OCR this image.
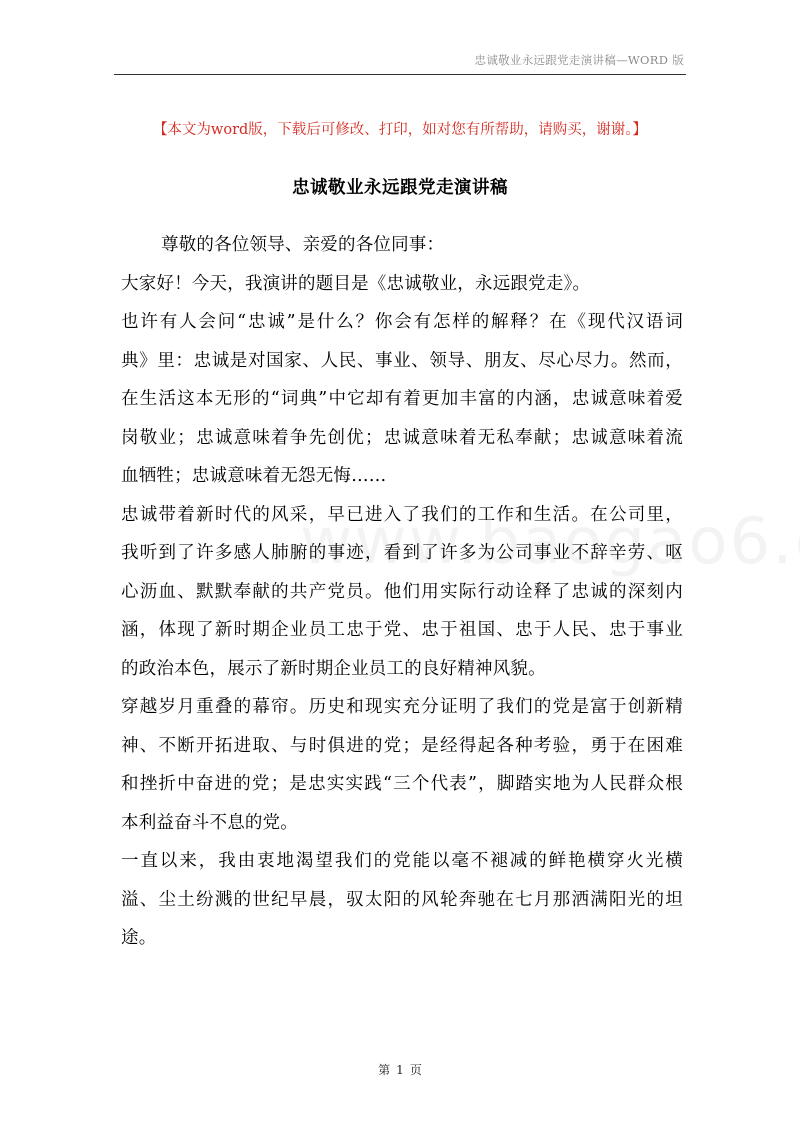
忠诚敬业永远跟党走演讲稿—WORD 版
【本文为word版，下载后可修改、打印，如对您有所帮助，请购买，谢谢。】
忠诚敬业永远跟党走演讲稿
尊敬的各位领导、亲爱的各位同事：
大家好！今天，我演讲的题目是《忠诚敬业，永远跟党走》。
也许有人会问“忠诚”是什么？你会有怎样的解释？在《现代汉语词
典》里：忠诚是对国家、人民、事业、领导、朋友、尽心尽力。然而，
在生活这本无形的“词典”中它却有着更加丰富的内涵，忠诚意味着爱
岗敬业；忠诚意味着争先创优；忠诚意味着无私奉献；忠诚意味着流
血牺牲；忠诚意味着无怨无悔……
忠诚带着新时代的风采，早已进入了我们的工作和生活。在公司里，
我听到了许多感人肺腑的事迹，看到了许多为公司事业不辞辛劳、呕
心沥血、默默奉献的共产党员。他们用实际行动诠释了忠诚的深刻内
涵，体现了新时期企业员工忠于党、忠于祖国、忠于人民、忠于事业
的政治本色，展示了新时期企业员工的良好精神风貌。
穿越岁月重叠的幕帘。历史和现实充分证明了我们的党是富于创新精
神、不断开拓进取、与时俱进的党；是经得起各种考验，勇于在困难
和挫折中奋进的党；是忠实实践“三个代表”，脚踏实地为人民群众根
本利益奋斗不息的党。
一直以来，我由衷地渴望我们的党能以毫不褪减的鲜艳横穿火光横
溢、尘土纷溅的世纪早晨，驭太阳的风轮奔驰在七月那洒满阳光的坦
途。
第 1 页
